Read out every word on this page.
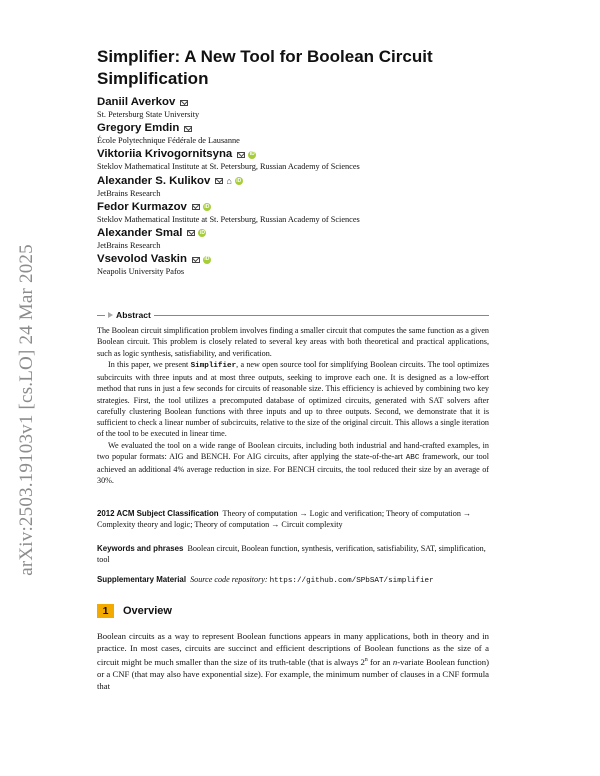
arXiv:2503.19103v1 [cs.LO] 24 Mar 2025
Simplifier: A New Tool for Boolean Circuit Simplification
Daniil Averkov
St. Petersburg State University
Gregory Emdin
École Polytechnique Fédérale de Lausanne
Viktoriia Krivogornitsyna	iD
Steklov Mathematical Institute at St. Petersburg, Russian Academy of Sciences
Alexander S. Kulikov ⌂ iD
JetBrains Research
Fedor Kurmazov	iD
Steklov Mathematical Institute at St. Petersburg, Russian Academy of Sciences
Alexander Smal	iD
JetBrains Research
Vsevolod Vaskin	iD
Neapolis University Pafos
Abstract

The Boolean circuit simplification problem involves finding a smaller circuit that computes the same function as a given Boolean circuit. This problem is closely related to several key areas with both theoretical and practical applications, such as logic synthesis, satisfiability, and verification.

In this paper, we present Simplifier, a new open source tool for simplifying Boolean circuits. The tool optimizes subcircuits with three inputs and at most three outputs, seeking to improve each one. It is designed as a low-effort method that runs in just a few seconds for circuits of reasonable size. This efficiency is achieved by combining two key strategies. First, the tool utilizes a precomputed database of optimized circuits, generated with SAT solvers after carefully clustering Boolean functions with three inputs and up to three outputs. Second, we demonstrate that it is sufficient to check a linear number of subcircuits, relative to the size of the original circuit. This allows a single iteration of the tool to be executed in linear time.

We evaluated the tool on a wide range of Boolean circuits, including both industrial and hand-crafted examples, in two popular formats: AIG and BENCH. For AIG circuits, after applying the state-of-the-art ABC framework, our tool achieved an additional 4% average reduction in size. For BENCH circuits, the tool reduced their size by an average of 30%.

2012 ACM Subject Classification Theory of computation → Logic and verification; Theory of computation → Complexity theory and logic; Theory of computation → Circuit complexity
Keywords and phrases Boolean circuit, Boolean function, synthesis, verification, satisfiability, SAT, simplification, tool
Supplementary Material Source code repository: https://github.com/SPbSAT/simplifier
1	Overview
Boolean circuits as a way to represent Boolean functions appears in many applications, both in theory and in practice. In most cases, circuits are succinct and efficient descriptions of Boolean functions as the size of a circuit might be much smaller than the size of its truth-table (that is always 2$^n$ for an n-variate Boolean function) or a CNF (that may also have exponential size). For example, the minimum number of clauses in a CNF formula that
